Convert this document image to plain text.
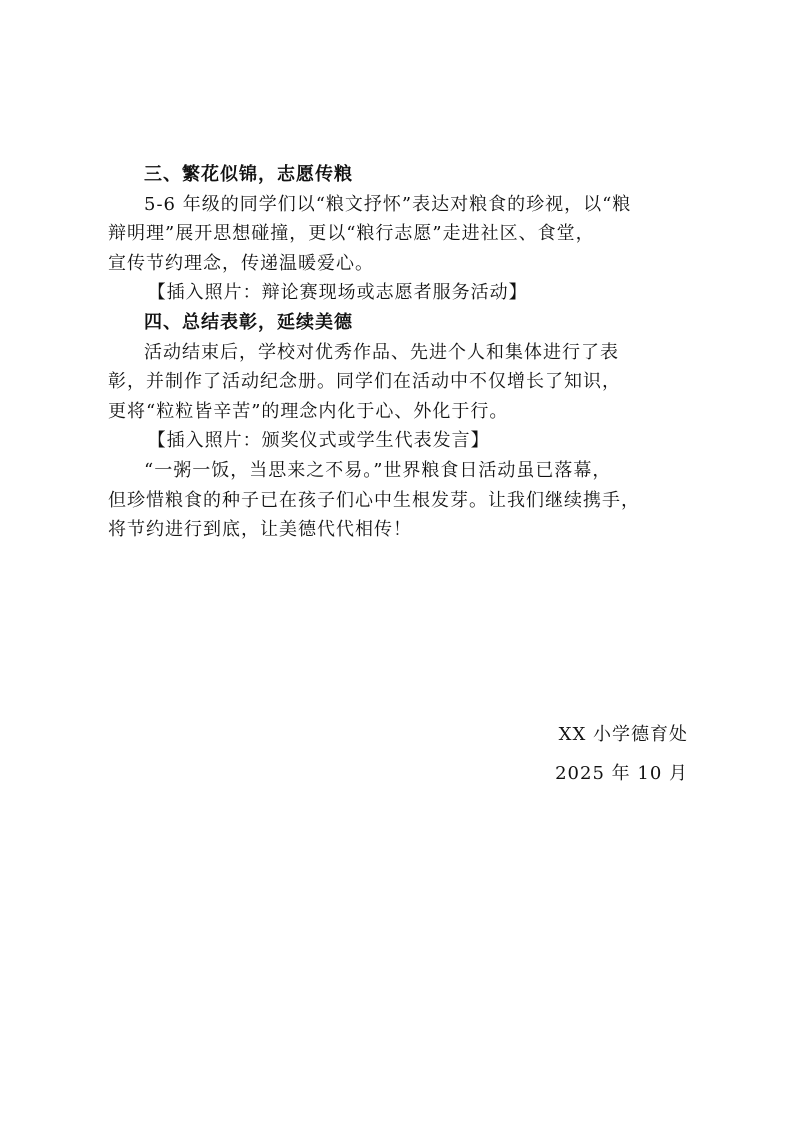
三、繁花似锦，志愿传粮
5-6 年级的同学们以“粮文抒怀”表达对粮食的珍视，以“粮
辩明理”展开思想碰撞，更以“粮行志愿”走进社区、食堂，
宣传节约理念，传递温暖爱心。
【插入照片：辩论赛现场或志愿者服务活动】
四、总结表彰，延续美德
活动结束后，学校对优秀作品、先进个人和集体进行了表
彰，并制作了活动纪念册。同学们在活动中不仅增长了知识，
更将“粒粒皆辛苦”的理念内化于心、外化于行。
【插入照片：颁奖仪式或学生代表发言】
“一粥一饭，当思来之不易。”世界粮食日活动虽已落幕，
但珍惜粮食的种子已在孩子们心中生根发芽。让我们继续携手，
将节约进行到底，让美德代代相传！
XX 小学德育处
2025 年 10 月
